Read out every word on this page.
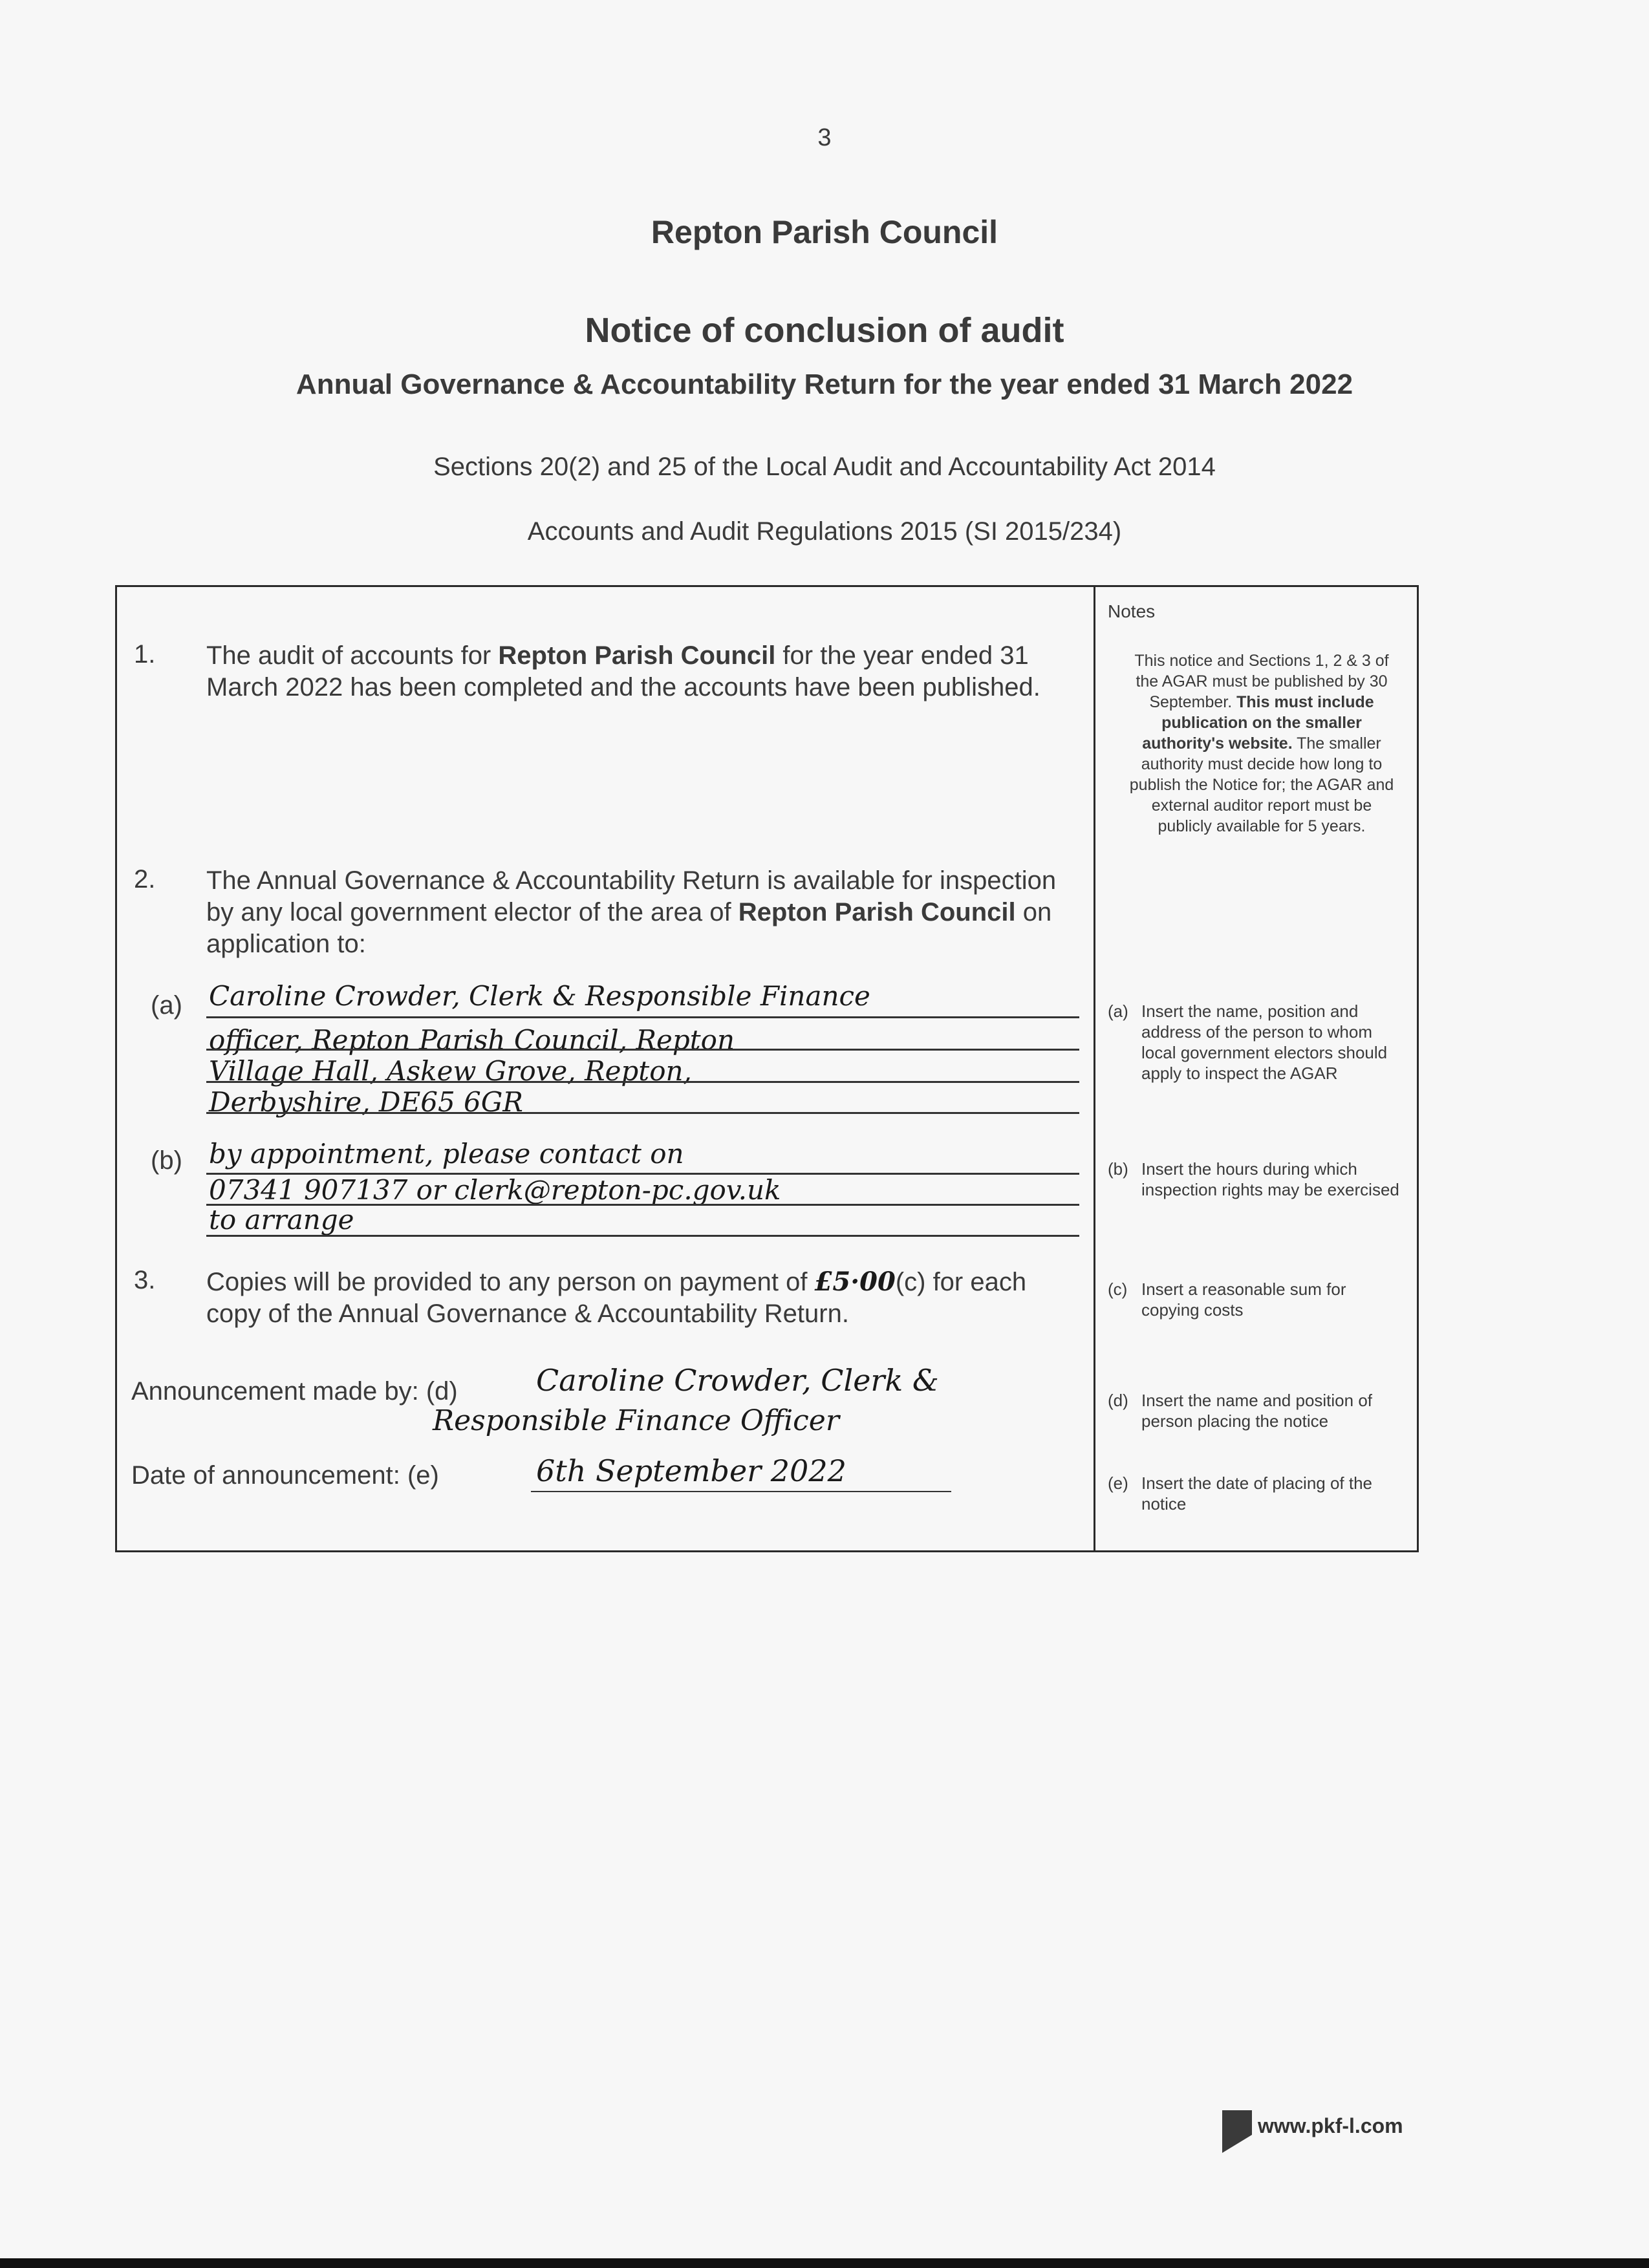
3
Repton Parish Council
Notice of conclusion of audit
Annual Governance & Accountability Return for the year ended 31 March 2022
Sections 20(2) and 25 of the Local Audit and Accountability Act 2014
Accounts and Audit Regulations 2015 (SI 2015/234)
1. The audit of accounts for Repton Parish Council for the year ended 31 March 2022 has been completed and the accounts have been published.
2. The Annual Governance & Accountability Return is available for inspection by any local government elector of the area of Repton Parish Council on application to:
(a) Caroline Crowder, Clerk & Responsible Finance
officer, Repton Parish Council, Repton
Village Hall, Askew Grove, Repton,
Derbyshire, DE65 6GR
(b) by appointment, please contact on
07341 907137 or clerk@repton-pc.gov.uk
to arrange
3. Copies will be provided to any person on payment of £5·00(c) for each copy of the Annual Governance & Accountability Return.
Announcement made by: (d)	Caroline Crowder, Clerk &
Responsible Finance Officer
Date of announcement: (e)	6th September 2022
Notes
This notice and Sections 1, 2 & 3 of the AGAR must be published by 30 September. This must include publication on the smaller authority's website. The smaller authority must decide how long to publish the Notice for; the AGAR and external auditor report must be publicly available for 5 years.
(a) Insert the name, position and address of the person to whom local government electors should apply to inspect the AGAR
(b) Insert the hours during which inspection rights may be exercised
(c) Insert a reasonable sum for copying costs
(d) Insert the name and position of person placing the notice
(e) Insert the date of placing of the notice
www.pkf-l.com
